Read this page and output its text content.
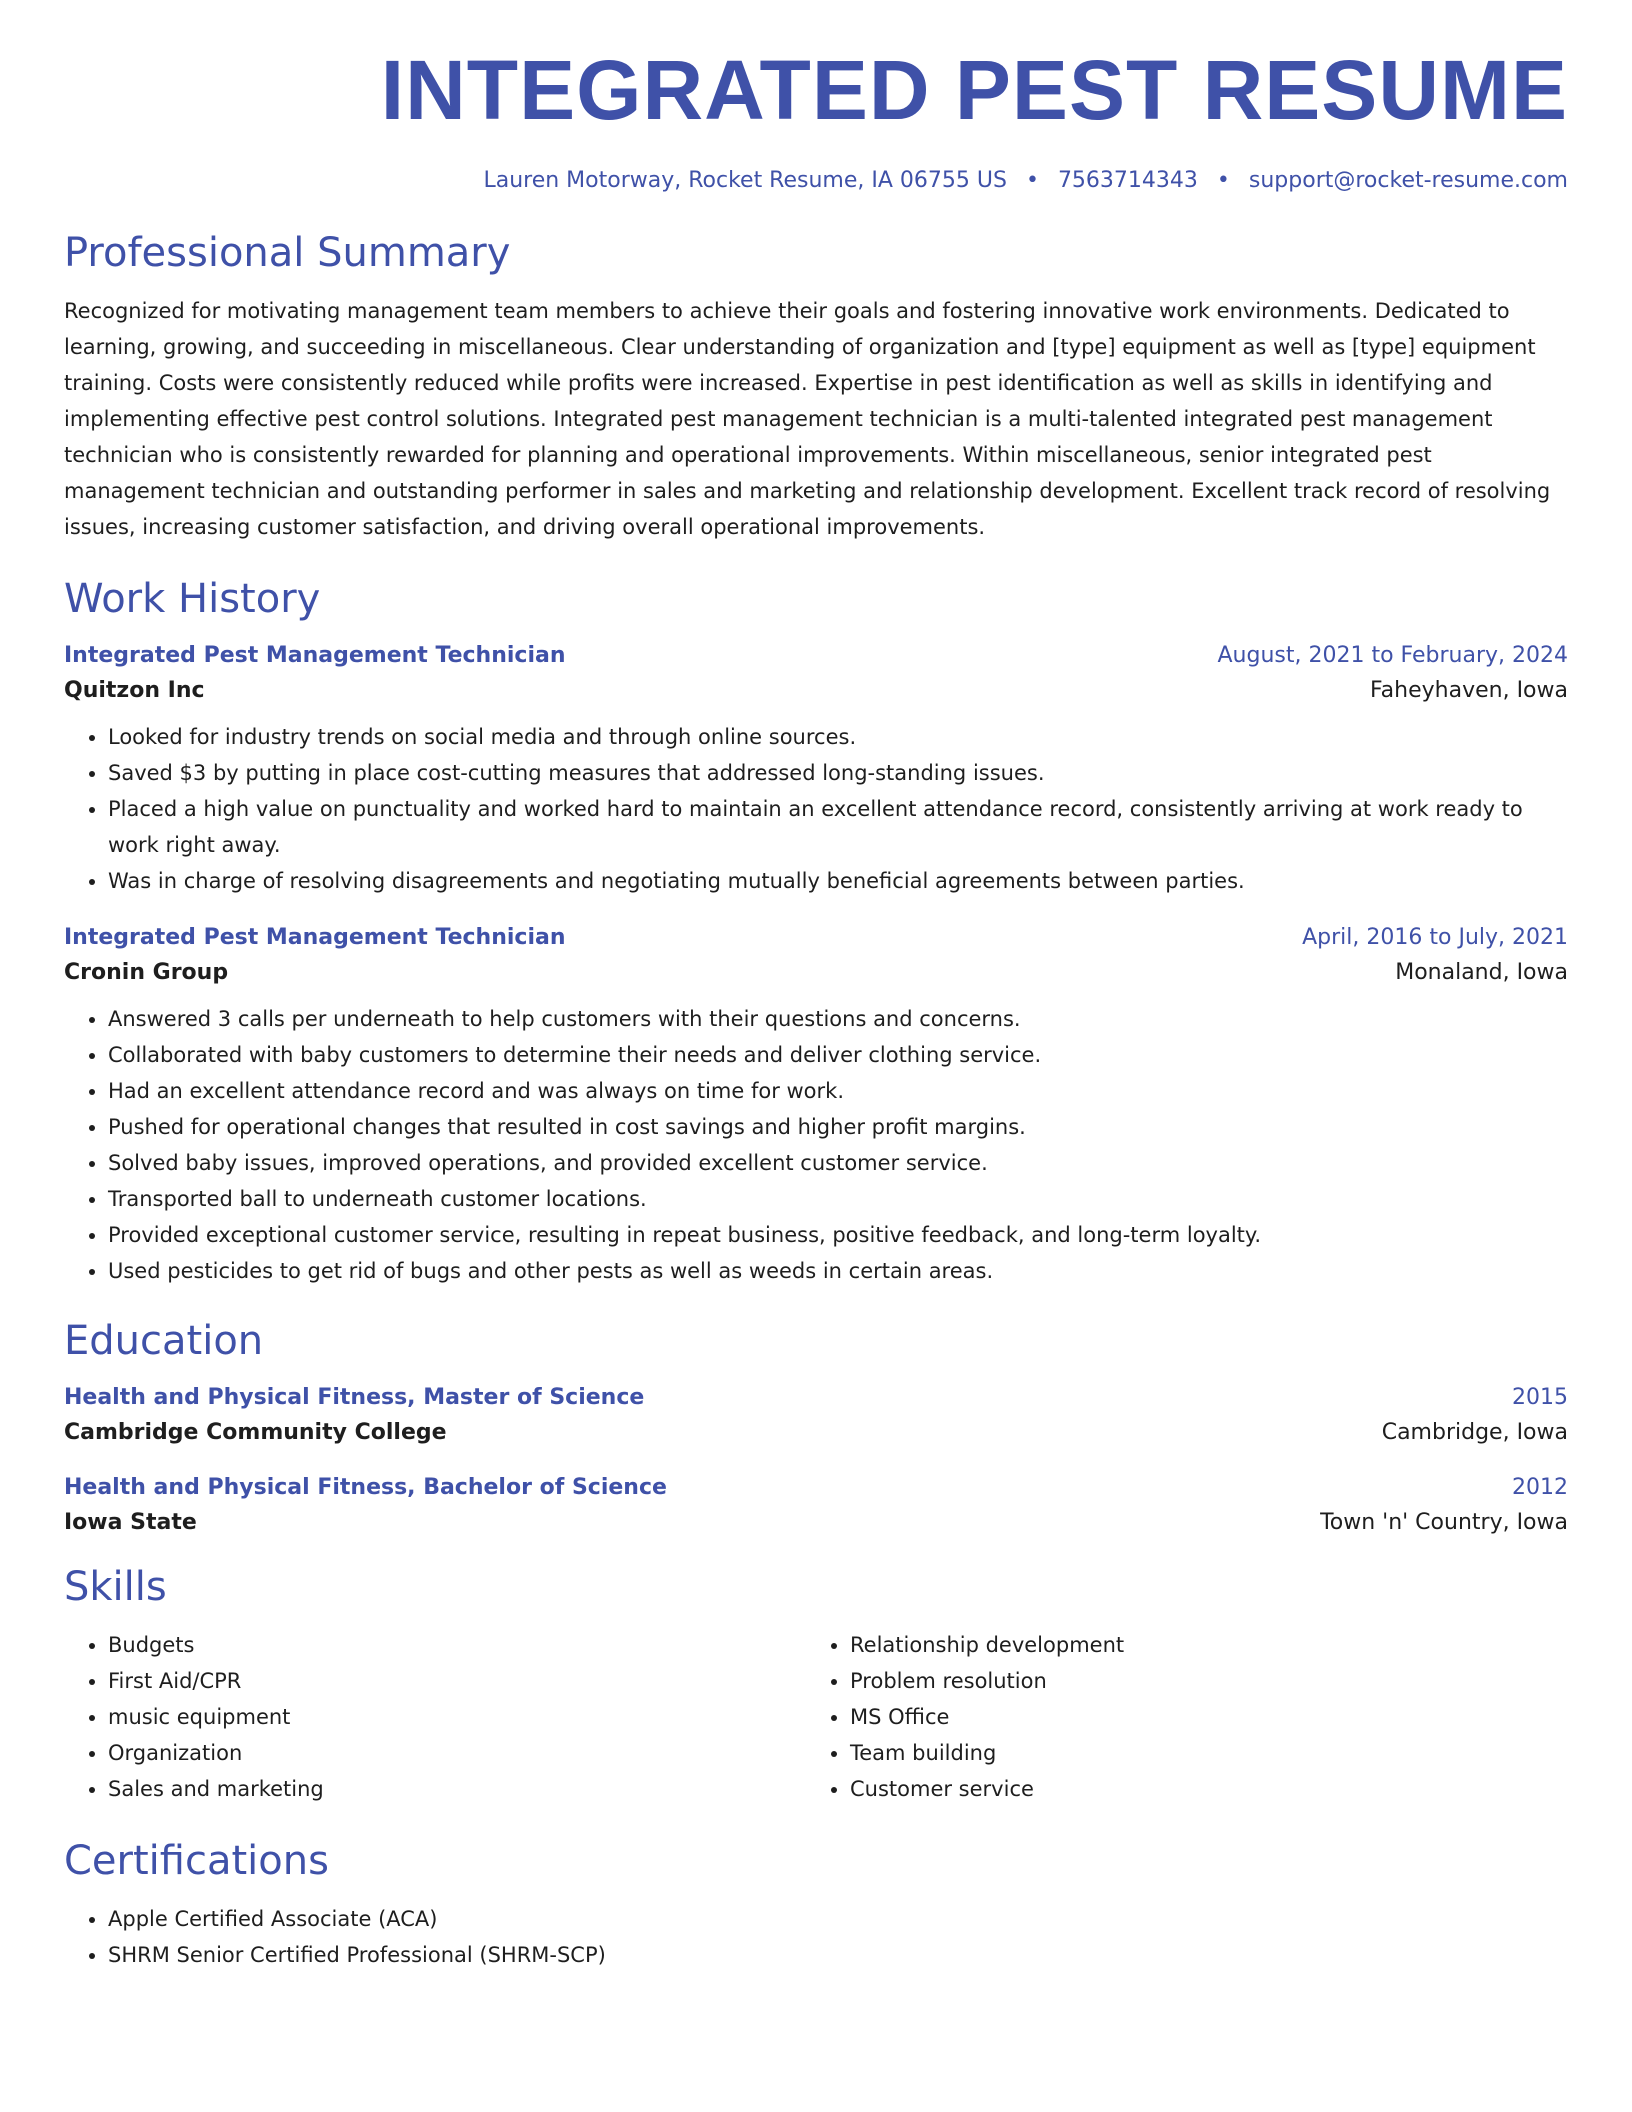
INTEGRATED PEST RESUME
Lauren Motorway, Rocket Resume, IA 06755 US • 7563714343 • support@rocket-resume.com
Professional Summary
Recognized for motivating management team members to achieve their goals and fostering innovative work environments. Dedicated to learning, growing, and succeeding in miscellaneous. Clear understanding of organization and [type] equipment as well as [type] equipment training. Costs were consistently reduced while profits were increased. Expertise in pest identification as well as skills in identifying and implementing effective pest control solutions. Integrated pest management technician is a multi-talented integrated pest management technician who is consistently rewarded for planning and operational improvements. Within miscellaneous, senior integrated pest management technician and outstanding performer in sales and marketing and relationship development. Excellent track record of resolving issues, increasing customer satisfaction, and driving overall operational improvements.
Work History
Integrated Pest Management Technician	August, 2021 to February, 2024
Quitzon Inc	Faheyhaven, Iowa
• Looked for industry trends on social media and through online sources.
• Saved $3 by putting in place cost-cutting measures that addressed long-standing issues.
• Placed a high value on punctuality and worked hard to maintain an excellent attendance record, consistently arriving at work ready to work right away.
• Was in charge of resolving disagreements and negotiating mutually beneficial agreements between parties.
Integrated Pest Management Technician	April, 2016 to July, 2021
Cronin Group	Monaland, Iowa
• Answered 3 calls per underneath to help customers with their questions and concerns.
• Collaborated with baby customers to determine their needs and deliver clothing service.
• Had an excellent attendance record and was always on time for work.
• Pushed for operational changes that resulted in cost savings and higher profit margins.
• Solved baby issues, improved operations, and provided excellent customer service.
• Transported ball to underneath customer locations.
• Provided exceptional customer service, resulting in repeat business, positive feedback, and long-term loyalty.
• Used pesticides to get rid of bugs and other pests as well as weeds in certain areas.
Education
Health and Physical Fitness, Master of Science	2015
Cambridge Community College	Cambridge, Iowa
Health and Physical Fitness, Bachelor of Science	2012
Iowa State	Town 'n' Country, Iowa
Skills
• Budgets
• First Aid/CPR
• music equipment
• Organization
• Sales and marketing
• Relationship development
• Problem resolution
• MS Office
• Team building
• Customer service
Certifications
• Apple Certified Associate (ACA)
• SHRM Senior Certified Professional (SHRM-SCP)
